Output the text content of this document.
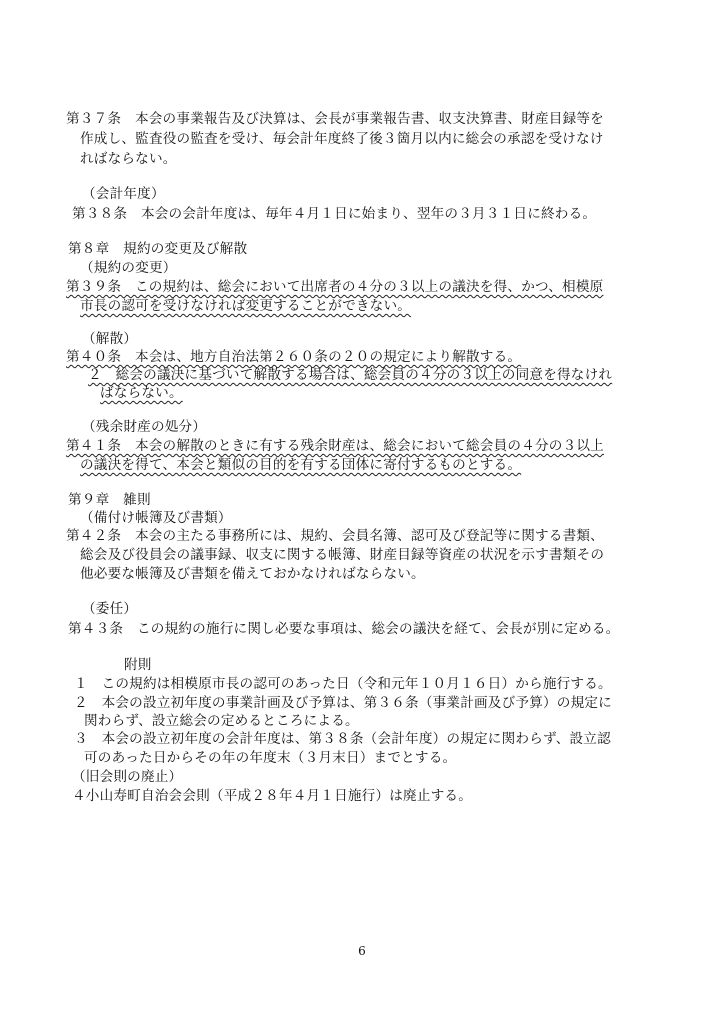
第３７条　本会の事業報告及び決算は、会長が事業報告書、収支決算書、財産目録等を
作成し、監査役の監査を受け、毎会計年度終了後３箇月以内に総会の承認を受けなけ
ればならない。
（会計年度）
第３８条　本会の会計年度は、毎年４月１日に始まり、翌年の３月３１日に終わる。
第８章　規約の変更及び解散
（規約の変更）
第３９条　この規約は、総会において出席者の４分の３以上の議決を得、かつ、相模原
市長の認可を受けなければ変更することができない。
（解散）
第４０条　本会は、地方自治法第２６０条の２０の規定により解散する。
２　総会の議決に基づいて解散する場合は、総会員の４分の３以上の同意を得なけれ
ばならない。
（残余財産の処分）
第４１条　本会の解散のときに有する残余財産は、総会において総会員の４分の３以上
の議決を得て、本会と類似の目的を有する団体に寄付するものとする。
第９章　雑則
（備付け帳簿及び書類）
第４２条　本会の主たる事務所には、規約、会員名簿、認可及び登記等に関する書類、
総会及び役員会の議事録、収支に関する帳簿、財産目録等資産の状況を示す書類その
他必要な帳簿及び書類を備えておかなければならない。
（委任）
第４３条　この規約の施行に関し必要な事項は、総会の議決を経て、会長が別に定める。
附則
１　この規約は相模原市長の認可のあった日（令和元年１０月１６日）から施行する。
２　本会の設立初年度の事業計画及び予算は、第３６条（事業計画及び予算）の規定に
関わらず、設立総会の定めるところによる。
３　本会の設立初年度の会計年度は、第３８条（会計年度）の規定に関わらず、設立認
可のあった日からその年の年度末（３月末日）までとする。
（旧会則の廃止）
４小山寿町自治会会則（平成２８年４月１日施行）は廃止する。
6
